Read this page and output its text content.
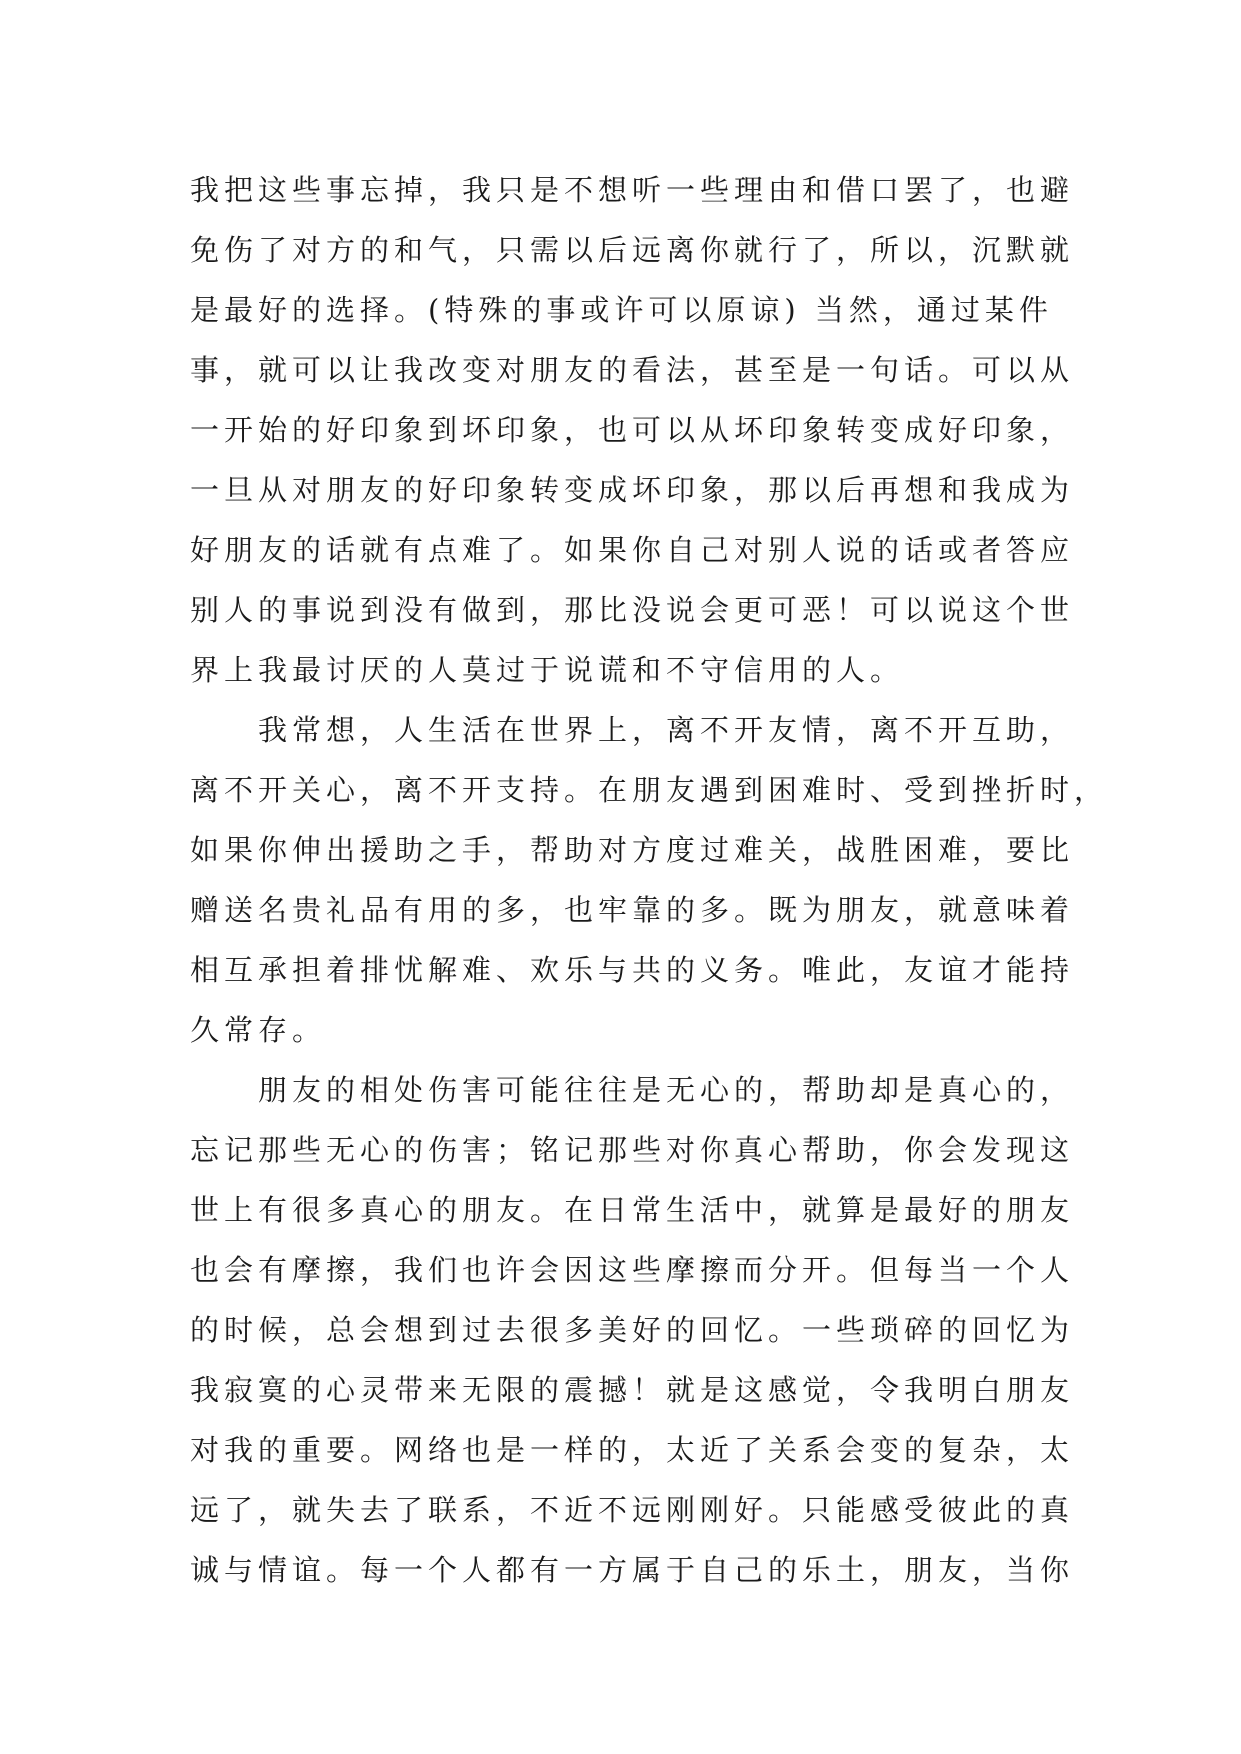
我把这些事忘掉，我只是不想听一些理由和借口罢了，也避

免伤了对方的和气，只需以后远离你就行了，所以，沉默就

是最好的选择。(特殊的事或许可以原谅) 当然，通过某件

事，就可以让我改变对朋友的看法，甚至是一句话。可以从

一开始的好印象到坏印象，也可以从坏印象转变成好印象，

一旦从对朋友的好印象转变成坏印象，那以后再想和我成为

好朋友的话就有点难了。如果你自己对别人说的话或者答应

别人的事说到没有做到，那比没说会更可恶！可以说这个世

界上我最讨厌的人莫过于说谎和不守信用的人。

　　我常想，人生活在世界上，离不开友情，离不开互助，

离不开关心，离不开支持。在朋友遇到困难时、受到挫折时，

如果你伸出援助之手，帮助对方度过难关，战胜困难，要比

赠送名贵礼品有用的多，也牢靠的多。既为朋友，就意味着

相互承担着排忧解难、欢乐与共的义务。唯此，友谊才能持

久常存。

　　朋友的相处伤害可能往往是无心的，帮助却是真心的，

忘记那些无心的伤害；铭记那些对你真心帮助，你会发现这

世上有很多真心的朋友。在日常生活中，就算是最好的朋友

也会有摩擦，我们也许会因这些摩擦而分开。但每当一个人

的时候，总会想到过去很多美好的回忆。一些琐碎的回忆为

我寂寞的心灵带来无限的震撼！就是这感觉，令我明白朋友

对我的重要。网络也是一样的，太近了关系会变的复杂，太

远了，就失去了联系，不近不远刚刚好。只能感受彼此的真

诚与情谊。每一个人都有一方属于自己的乐土，朋友，当你
